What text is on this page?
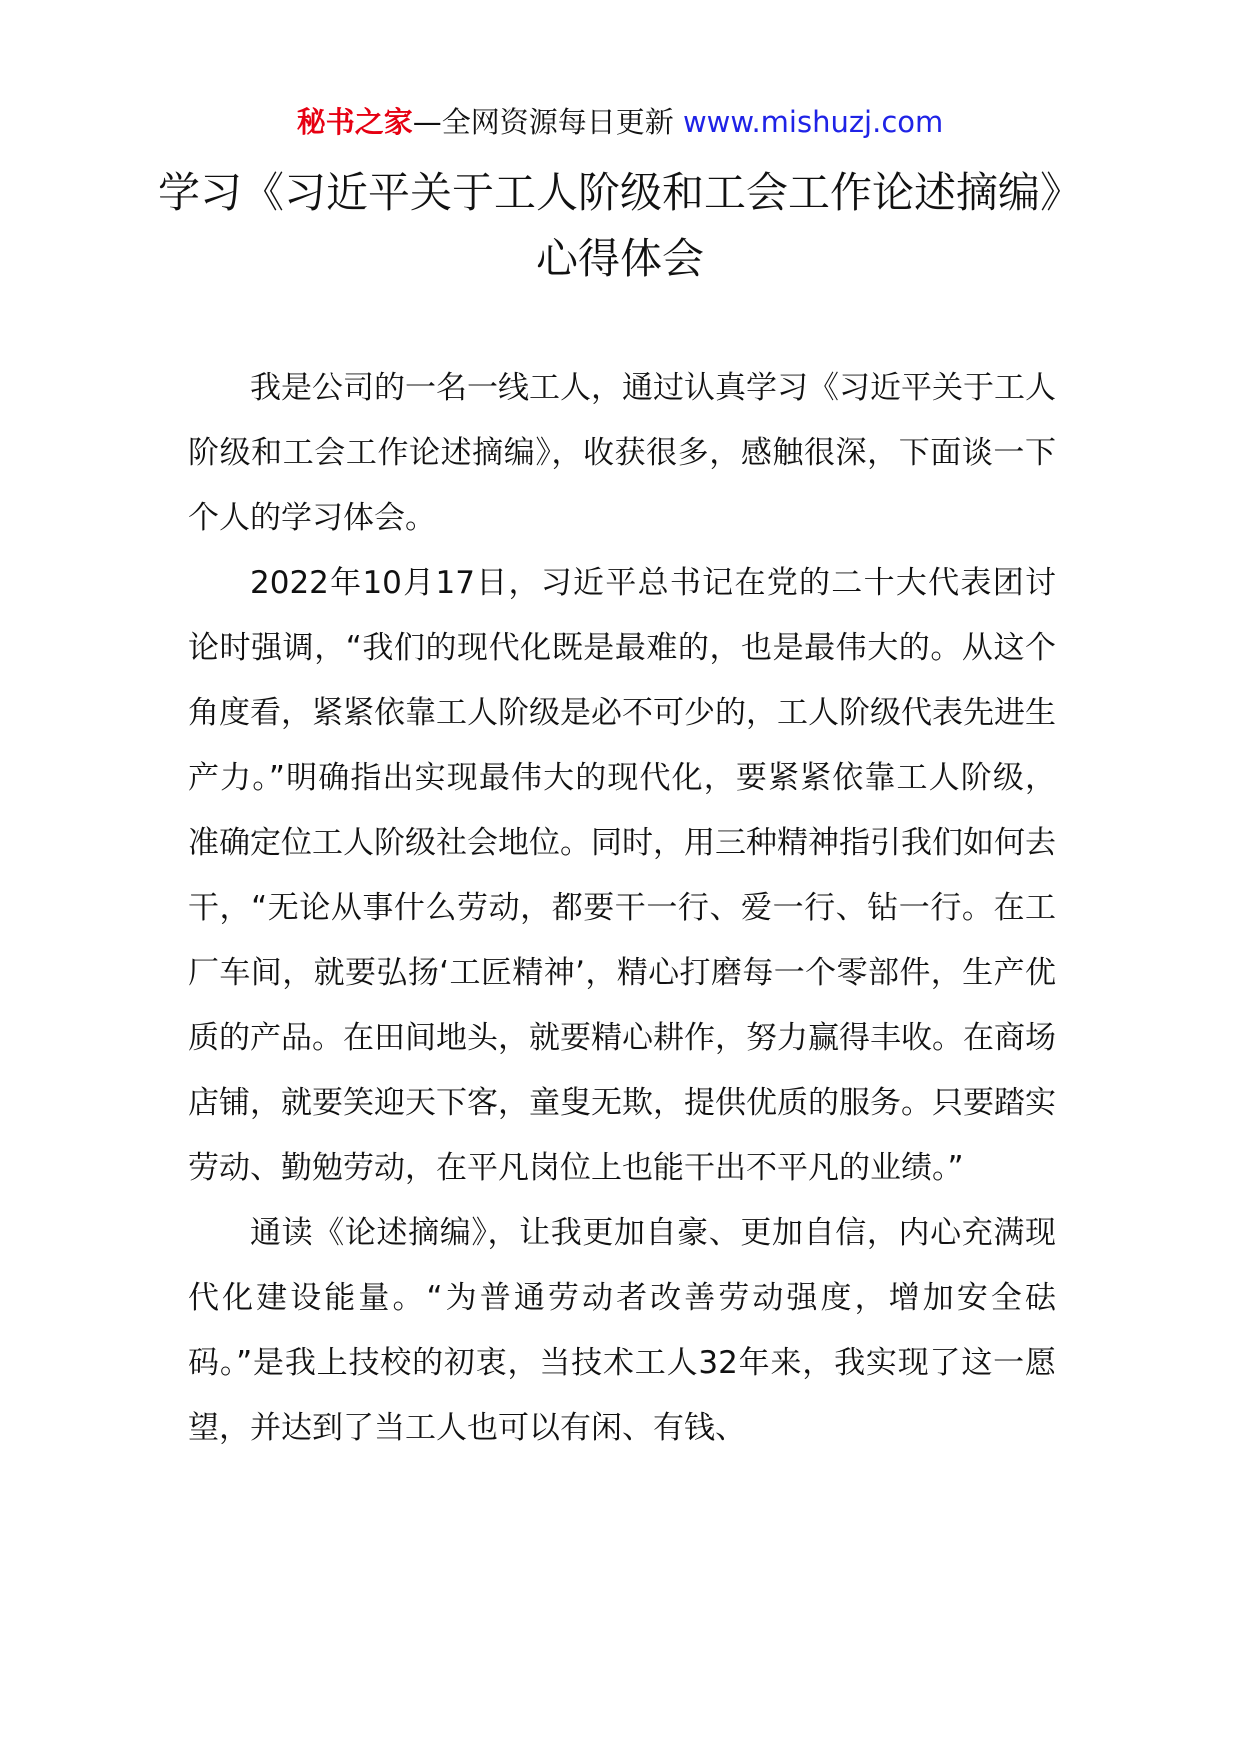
秘书之家—全网资源每日更新 www.mishuzj.com
学习《习近平关于工人阶级和工会工作论述摘编》心得体会

我是公司的一名一线工人，通过认真学习《习近平关于工人阶级和工会工作论述摘编》，收获很多，感触很深，下面谈一下个人的学习体会。

2022年10月17日，习近平总书记在党的二十大代表团讨论时强调，“我们的现代化既是最难的，也是最伟大的。从这个角度看，紧紧依靠工人阶级是必不可少的，工人阶级代表先进生产力。”明确指出实现最伟大的现代化，要紧紧依靠工人阶级，准确定位工人阶级社会地位。同时，用三种精神指引我们如何去干，“无论从事什么劳动，都要干一行、爱一行、钻一行。在工厂车间，就要弘扬‘工匠精神’，精心打磨每一个零部件，生产优质的产品。在田间地头，就要精心耕作，努力赢得丰收。在商场店铺，就要笑迎天下客，童叟无欺，提供优质的服务。只要踏实劳动、勤勉劳动，在平凡岗位上也能干出不平凡的业绩。”

通读《论述摘编》，让我更加自豪、更加自信，内心充满现代化建设能量。“为普通劳动者改善劳动强度，增加安全砝码。”是我上技校的初衷，当技术工人32年来，我实现了这一愿望，并达到了当工人也可以有闲、有钱、
